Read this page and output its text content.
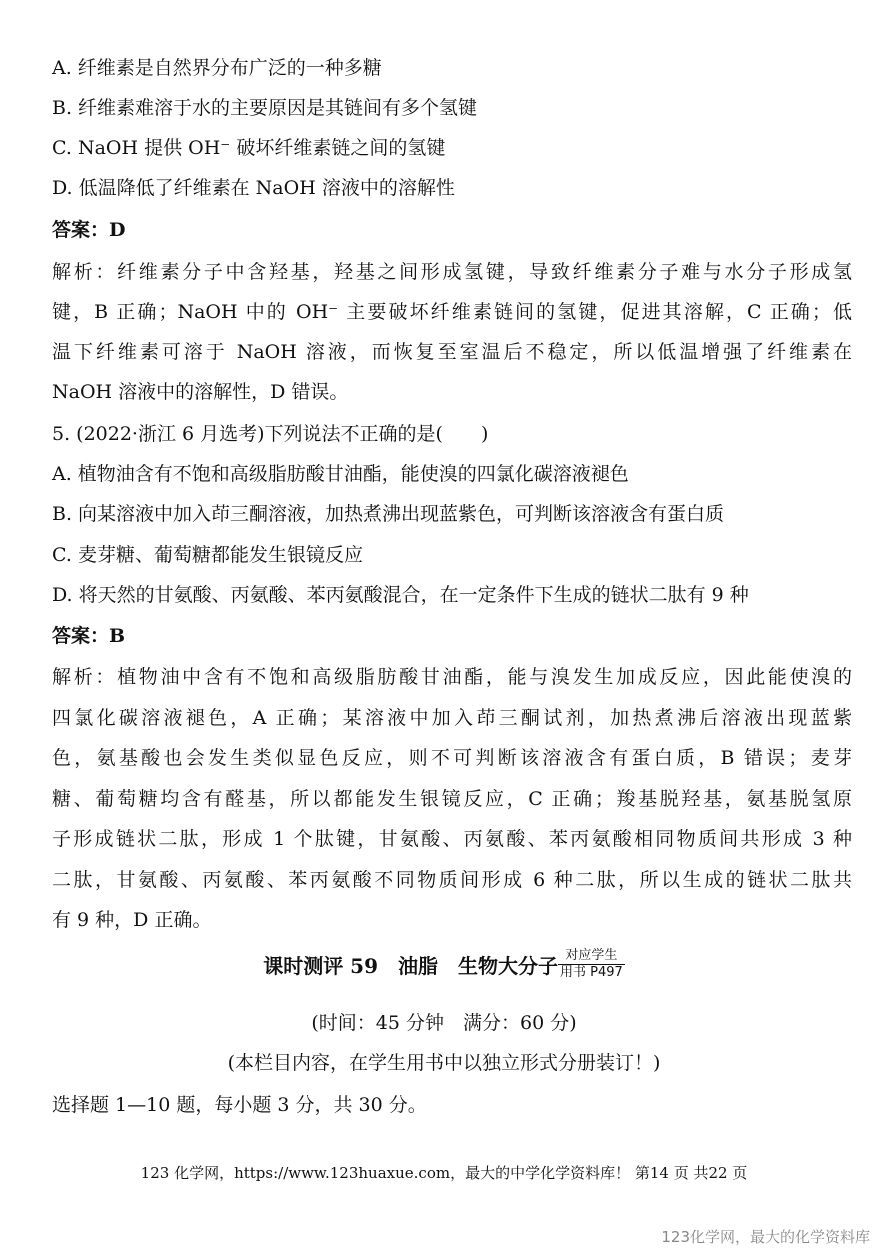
A. 纤维素是自然界分布广泛的一种多糖
B. 纤维素难溶于水的主要原因是其链间有多个氢键
C. NaOH 提供 OH⁻ 破坏纤维素链之间的氢键
D. 低温降低了纤维素在 NaOH 溶液中的溶解性
答案：D
解析：纤维素分子中含羟基，羟基之间形成氢键，导致纤维素分子难与水分子形成氢
键，B 正确；NaOH 中的 OH⁻ 主要破坏纤维素链间的氢键，促进其溶解，C 正确；低
温下纤维素可溶于 NaOH 溶液，而恢复至室温后不稳定，所以低温增强了纤维素在
NaOH 溶液中的溶解性，D 错误。
5. (2022·浙江 6 月选考)下列说法不正确的是(　　)
A. 植物油含有不饱和高级脂肪酸甘油酯，能使溴的四氯化碳溶液褪色
B. 向某溶液中加入茚三酮溶液，加热煮沸出现蓝紫色，可判断该溶液含有蛋白质
C. 麦芽糖、葡萄糖都能发生银镜反应
D. 将天然的甘氨酸、丙氨酸、苯丙氨酸混合，在一定条件下生成的链状二肽有 9 种
答案：B
解析：植物油中含有不饱和高级脂肪酸甘油酯，能与溴发生加成反应，因此能使溴的
四氯化碳溶液褪色，A 正确；某溶液中加入茚三酮试剂，加热煮沸后溶液出现蓝紫
色，氨基酸也会发生类似显色反应，则不可判断该溶液含有蛋白质，B 错误；麦芽
糖、葡萄糖均含有醛基，所以都能发生银镜反应，C 正确；羧基脱羟基，氨基脱氢原
子形成链状二肽，形成 1 个肽键，甘氨酸、丙氨酸、苯丙氨酸相同物质间共形成 3 种
二肽，甘氨酸、丙氨酸、苯丙氨酸不同物质间形成 6 种二肽，所以生成的链状二肽共
有 9 种，D 正确。
课时测评 59　油脂　生物大分子 $\frac{\text{对应学生}}{\text{用书 P497}}$
(时间：45 分钟　满分：60 分)
(本栏目内容，在学生用书中以独立形式分册装订！)
选择题 1—10 题，每小题 3 分，共 30 分。
123 化学网，https://www.123huaxue.com，最大的中学化学资料库！ 第14 页 共22 页
123化学网，最大的化学资料库
